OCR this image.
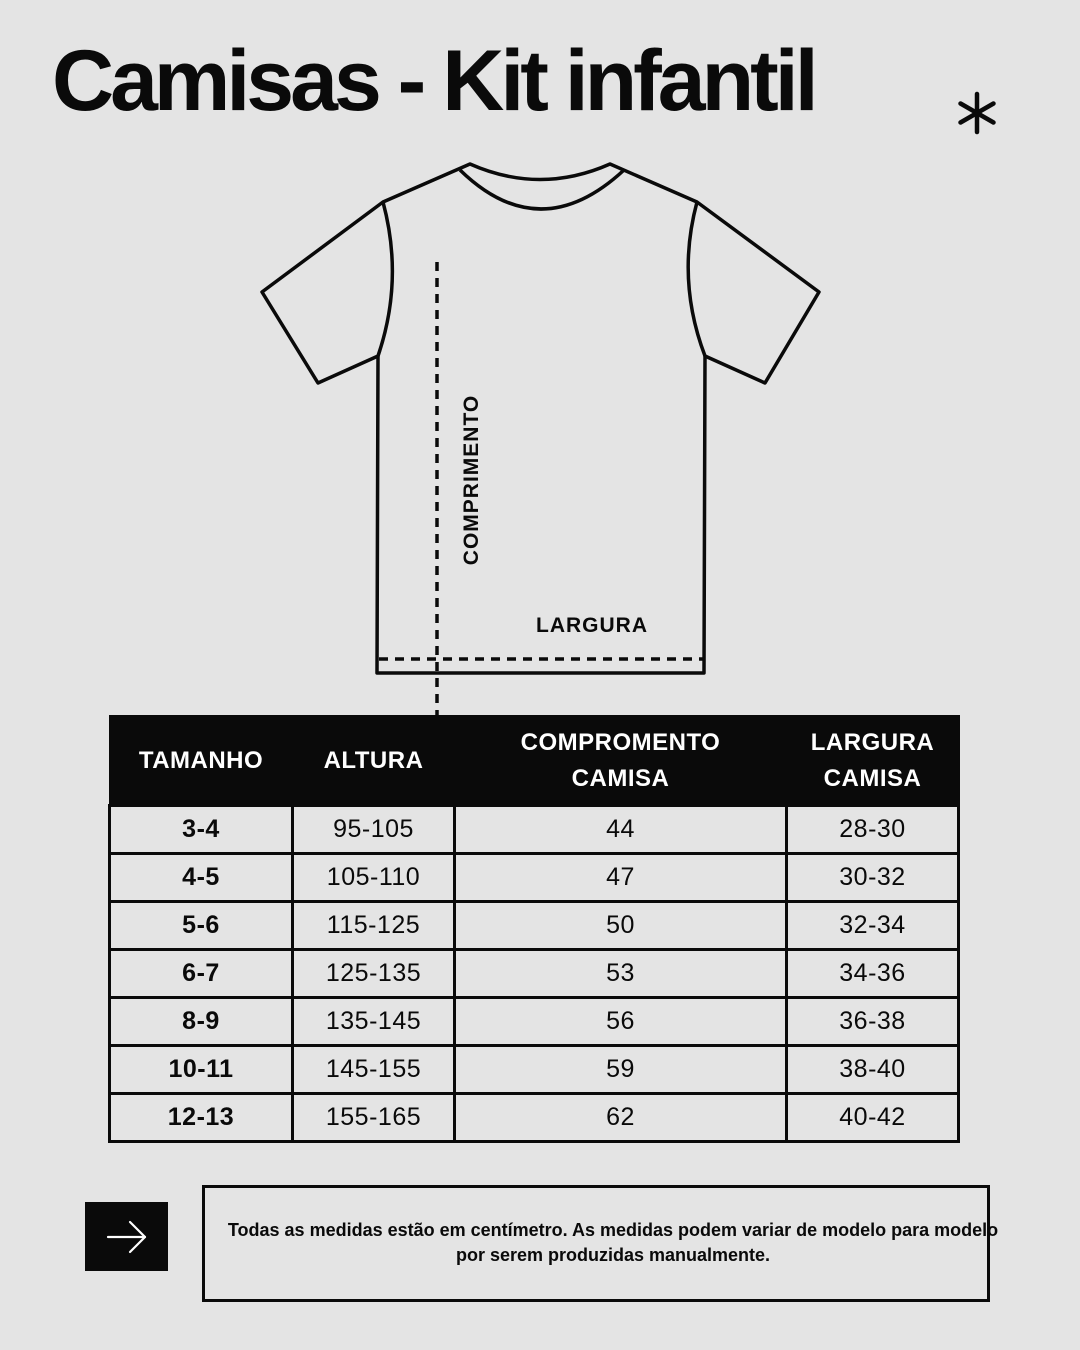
Camisas - Kit infantil
COMPRIMENTO
LARGURA
TAMANHO	ALTURA	COMPROMENTO CAMISA	LARGURA CAMISA
3-4	95-105	44	28-30
4-5	105-110	47	30-32
5-6	115-125	50	32-34
6-7	125-135	53	34-36
8-9	135-145	56	36-38
10-11	145-155	59	38-40
12-13	155-165	62	40-42

Todas as medidas estão em centímetro. As medidas podem variar de modelo para modelo por serem produzidas manualmente.
